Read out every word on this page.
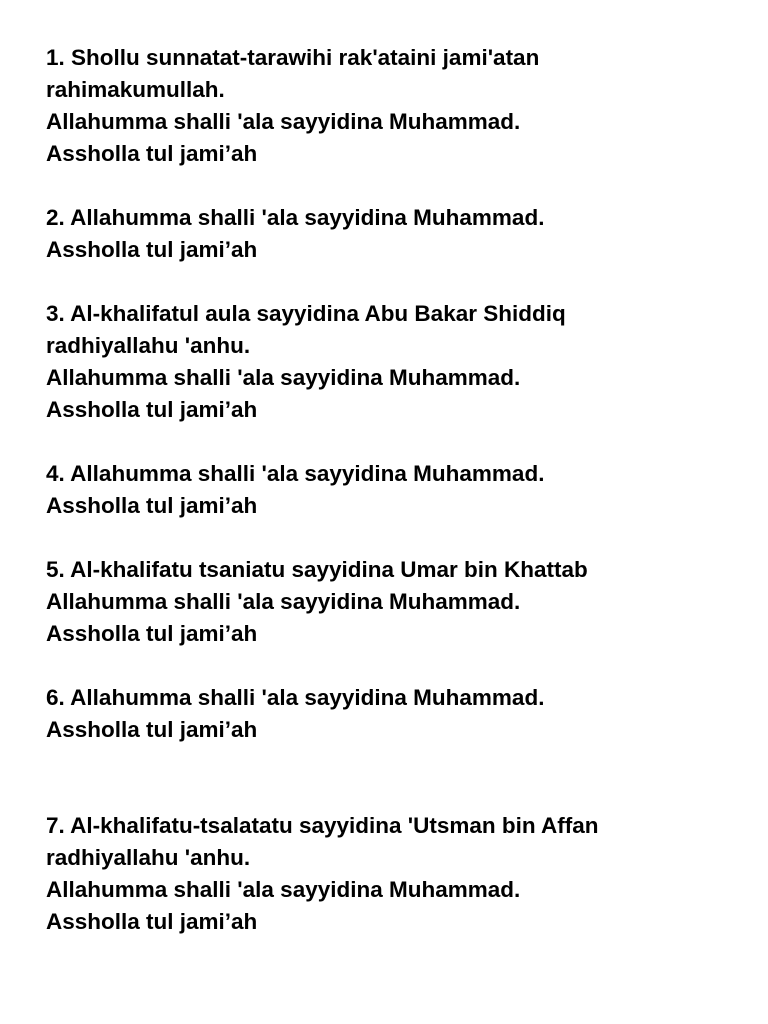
1. Shollu sunnatat-tarawihi rak'ataini jami'atan
rahimakumullah.
Allahumma shalli 'ala sayyidina Muhammad.
Assholla tul jami’ah
2. Allahumma shalli 'ala sayyidina Muhammad.
Assholla tul jami’ah
3. Al-khalifatul aula sayyidina Abu Bakar Shiddiq
radhiyallahu 'anhu.
Allahumma shalli 'ala sayyidina Muhammad.
Assholla tul jami’ah
4. Allahumma shalli 'ala sayyidina Muhammad.
Assholla tul jami’ah
5. Al-khalifatu tsaniatu sayyidina Umar bin Khattab
Allahumma shalli 'ala sayyidina Muhammad.
Assholla tul jami’ah
6. Allahumma shalli 'ala sayyidina Muhammad.
Assholla tul jami’ah
7. Al-khalifatu-tsalatatu sayyidina 'Utsman bin Affan
radhiyallahu 'anhu.
Allahumma shalli 'ala sayyidina Muhammad.
Assholla tul jami’ah
